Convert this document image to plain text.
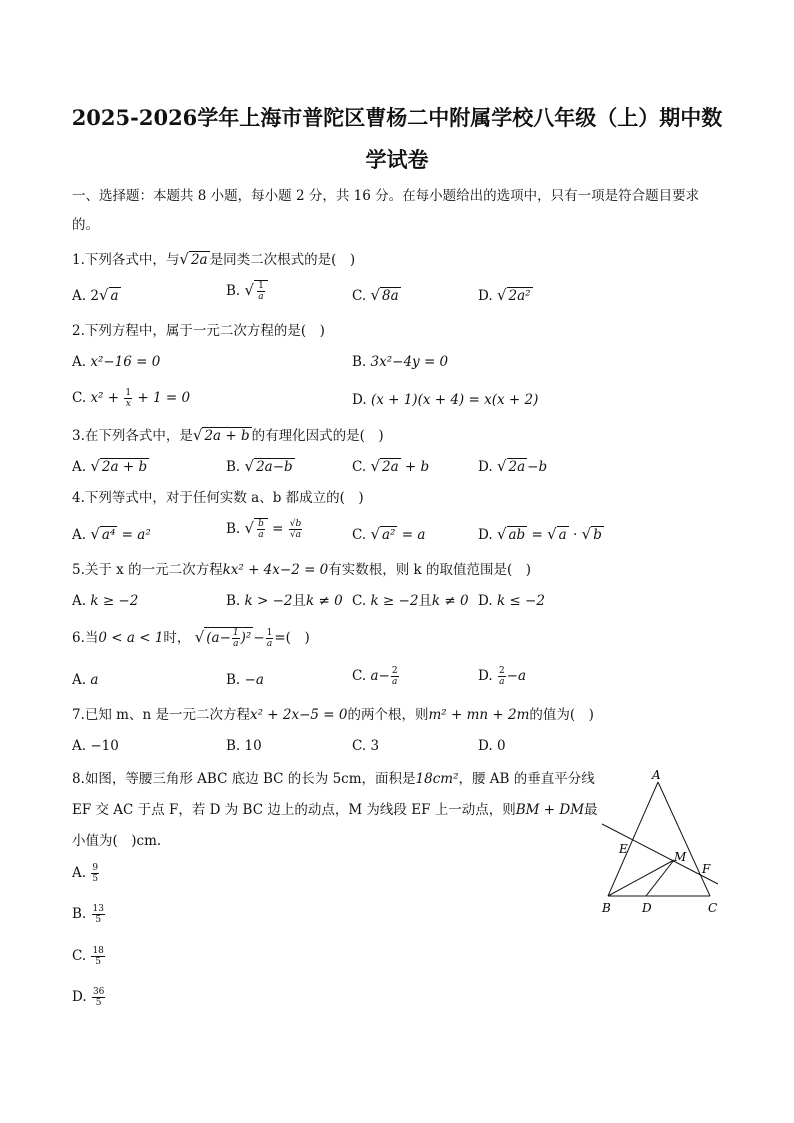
2025-2026学年上海市普陀区曹杨二中附属学校八年级（上）期中数
学试卷
一、选择题：本题共 8 小题，每小题 2 分，共 16 分。在每小题给出的选项中，只有一项是符合题目要求
的。
1.下列各式中，与√ 2a 是同类二次根式的是(　)
A. 2√ a	B. √ $\frac{1}{a}$	C. √ 8a	D. √ 2a²
2.下列方程中，属于一元二次方程的是(　)
A. x²−16 = 0	B. 3x²−4y = 0
C. $x^2 + \frac{1}{x} + 1 = 0$	D. (x + 1)(x + 4) = x(x + 2)
3.在下列各式中，是√ 2a + b 的有理化因式的是(　)
A. √ 2a + b	B. √ 2a−b	C. √ 2a + b	D. √ 2a −b
4.下列等式中，对于任何实数 a、b 都成立的(　)
A. √ a⁴ = a²	B. √ $\frac{b}{a} = \frac{√b}{√a}$	C. √ a² = a	D. √ ab = √ a · √ b
5.关于 x 的一元二次方程kx² + 4x−2 = 0有实数根，则 k 的取值范围是(　)
A. k ≥ −2	B. k > −2且k ≠ 0 C. k ≥ −2且k ≠ 0 D. k ≤ −2
6.当0 < a < 1时， √ $(a- \frac{1}{a} )^2 - \frac{1}{a}$ =(　)
A. a	B. −a	C. $a- \frac{2}{a}$	D. $\frac{2}{a} -a$
7.已知 m、n 是一元二次方程x² + 2x−5 = 0的两个根，则m² + mn + 2m的值为(　)
A. −10	B. 10	C. 3	D. 0
8.如图，等腰三角形 ABC 底边 BC 的长为 5cm，面积是18cm²，腰 AB 的垂直平分线
EF 交 AC 于点 F，若 D 为 BC 边上的动点，M 为线段 EF 上一动点，则BM + DM最
小值为(　)cm.
A. $\frac{9}{5}$
B. $\frac{13}{5}$
C. $\frac{18}{5}$
D. $\frac{36}{5}$
A
E
M
F
B	D	C
